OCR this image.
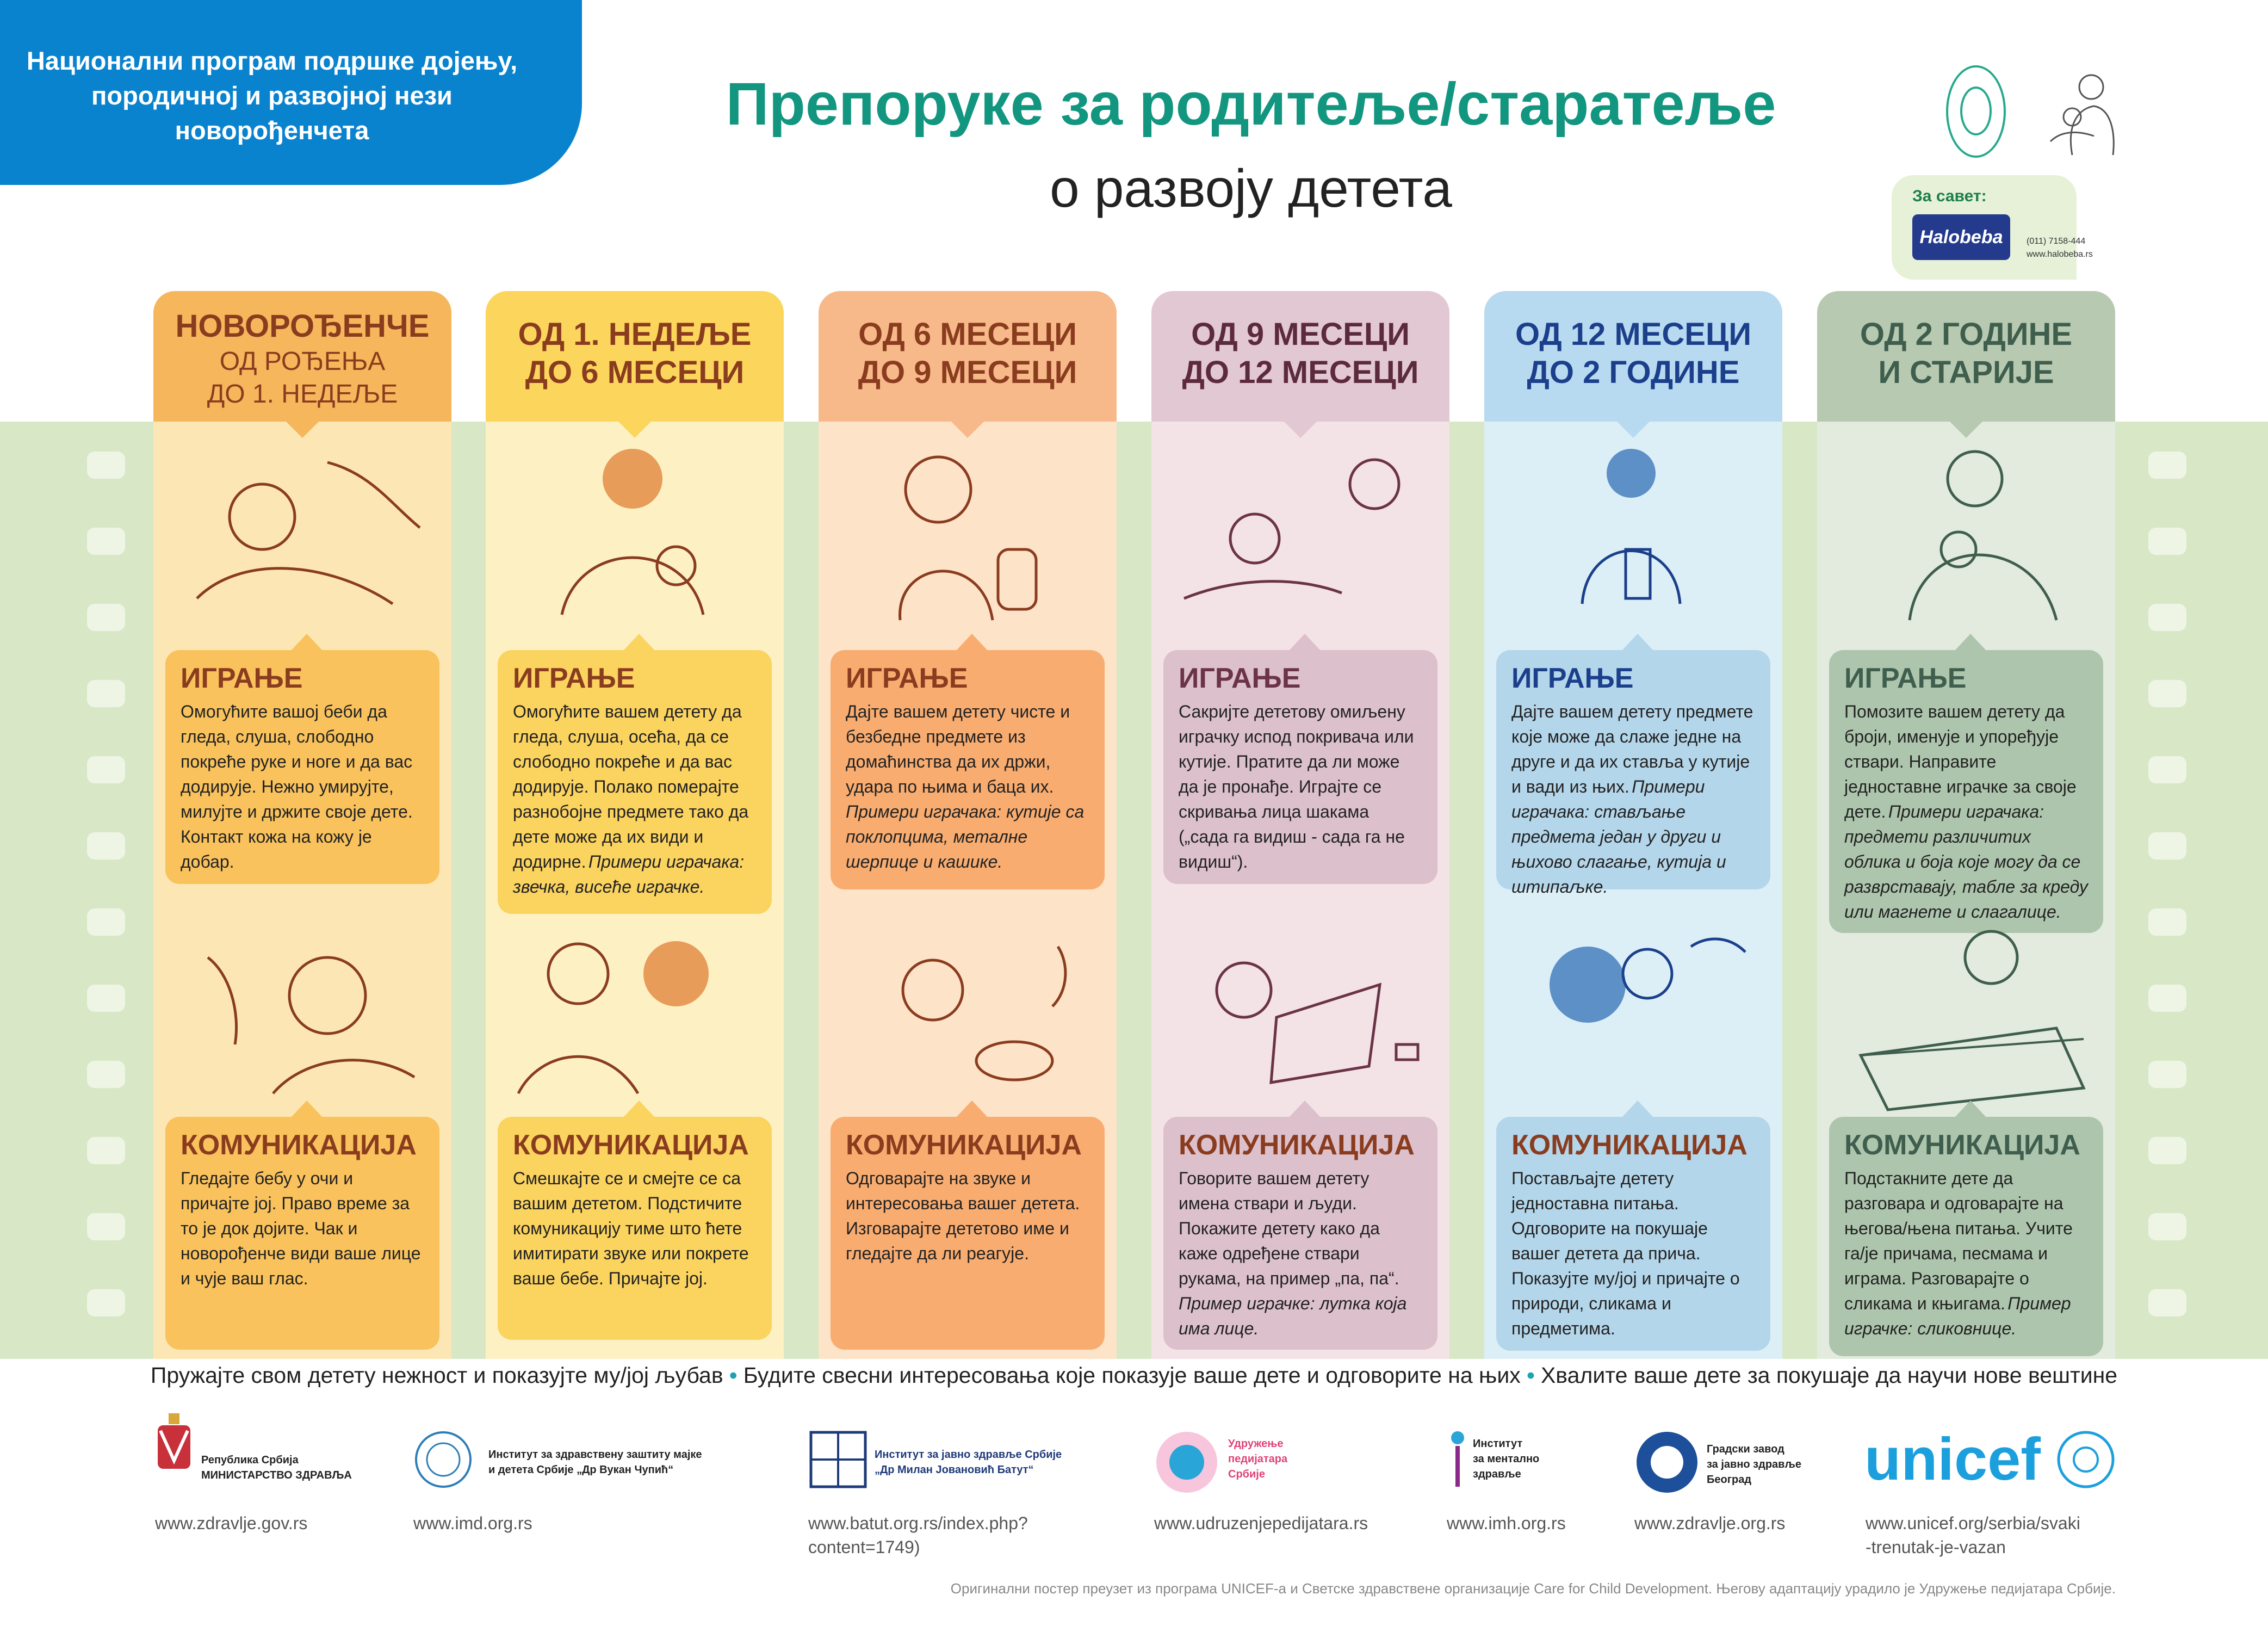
Национални програм подршке дојењу,
породичној и развојној нези
новорођенчета	Препоруке за родитеље/старатеље
о развоју детета	За савет:
Halobeba	(011) 7158-444
www.halobeba.rs
НОВОРОЂЕНЧЕ
ОД РОЂЕЊА
ДО 1. НЕДЕЉЕ
ИГРАЊЕ
Омогућите вашој беби да гледа, слуша, слободно покреће руке и ноге и да вас додирује. Нежно умирујте, милујте и држите своје дете. Контакт кожа на кожу је добар.
КОМУНИКАЦИЈА
Гледајте бебу у очи и причајте јој. Право време за то је док дојите. Чак и новорођенче види ваше лице и чује ваш глас.
ОД 1. НЕДЕЉЕ
ДО 6 МЕСЕЦИ
ИГРАЊЕ
Омогућите вашем детету да гледа, слуша, осећа, да се слободно покреће и да вас додирује. Полако померајте разнобојне предмете тако да дете може да их види и додирне. Примери играчака: звечка, висеће играчке.
КОМУНИКАЦИЈА
Смешкајте се и смејте се са вашим дететом. Подстичите комуникацију тиме што ћете имитирати звуке или покрете ваше бебе. Причајте јој.
ОД 6 МЕСЕЦИ
ДО 9 МЕСЕЦИ
ИГРАЊЕ
Дајте вашем детету чисте и безбедне предмете из домаћинства да их држи, удара по њима и баца их. Примери играчака: кутије са поклопцима, металне шерпице и кашике.
КОМУНИКАЦИЈА
Одговарајте на звуке и интересовања вашег детета. Изговарајте дететово име и гледајте да ли реагује.
ОД 9 МЕСЕЦИ
ДО 12 МЕСЕЦИ
ИГРАЊЕ
Сакријте дететову омиљену играчку испод покривача или кутије. Пратите да ли може да је пронађе. Играјте се скривања лица шакама („сада га видиш - сада га не видиш“).
КОМУНИКАЦИЈА
Говорите вашем детету имена ствари и људи. Покажите детету како да каже одређене ствари рукама, на пример „па, па“. Пример играчке: лутка која има лице.
ОД 12 МЕСЕЦИ
ДО 2 ГОДИНЕ
ИГРАЊЕ
Дајте вашем детету предмете које може да слаже једне на друге и да их ставља у кутије и вади из њих. Примери играчака: стављање предмета један у други и њихово слагање, кутија и штипаљке.
КОМУНИКАЦИЈА
Постављајте детету једноставна питања. Одговорите на покушаје вашег детета да прича. Показујте му/јој и причајте о природи, сликама и предметима.
ОД 2 ГОДИНЕ
И СТАРИЈЕ
ИГРАЊЕ
Помозите вашем детету да броји, именује и упоређује ствари. Направите једноставне играчке за своје дете. Примери играчака: предмети различитих облика и боја које могу да се разврставају, табле за креду или магнете и слагалице.
КОМУНИКАЦИЈА
Подстакните дете да разговара и одговарајте на његова/њена питања. Учите га/је причама, песмама и играма. Разговарајте о сликама и књигама. Пример играчке: сликовнице.
Пружајте свом детету нежност и показујте му/јој љубав • Будите свесни интересовања које показује ваше дете и одговорите на њих • Хвалите ваше дете за покушаје да научи нове вештине
Република Србија
МИНИСТАРСТВО ЗДРАВЉА
Институт за здравствену заштиту мајке
и детета Србије „Др Вукан Чупић“
Институт за јавно здравље Србије
„Др Милан Јовановић Батут“
Удружење
педијатара
Србије
Институт
за ментално
здравље
Градски завод
за јавно здравље
Београд	unicef
www.zdravlje.gov.rs	www.imd.org.rs	www.batut.org.rs/index.php?
content=1749)
www.udruzenjepedijatara.rs	www.imh.org.rs	www.zdravlje.org.rs	www.unicef.org/serbia/svaki
-trenutak-je-vazan
Оригинални постер преузет из програма UNICEF-а и Светске здравствене организације Care for Child Development. Његову адаптацију урадило је Удружење педијатара Србије.
